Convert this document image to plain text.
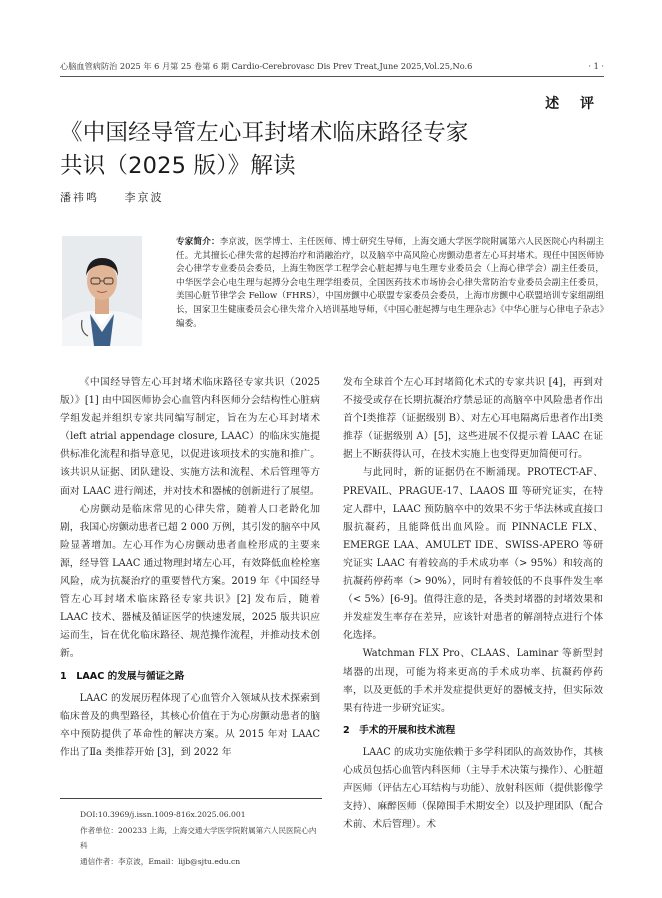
心脑血管病防治 2025 年 6 月第 25 卷第 6 期 Cardio-Cerebrovasc Dis Prev Treat,June 2025,Vol.25,No.6	· 1 ·
述 评
《中国经导管左心耳封堵术临床路径专家
共识（2025 版）》解读
潘祎鸣 李京波
专家简介：李京波，医学博士、主任医师、博士研究生导师，上海交通大学医学院附属第六人民医院心内科副主任。尤其擅长心律失常的起搏治疗和消融治疗，以及脑卒中高风险心房颤动患者左心耳封堵术。现任中国医师协会心律学专业委员会委员，上海生物医学工程学会心脏起搏与电生理专业委员会（上海心律学会）副主任委员，中华医学会心电生理与起搏分会电生理学组委员，全国医药技术市场协会心律失常防治专业委员会副主任委员，美国心脏节律学会 Fellow（FHRS），中国房颤中心联盟专家委员会委员，上海市房颤中心联盟培训专家组副组长，国家卫生健康委员会心律失常介入培训基地导师，《中国心脏起搏与电生理杂志》《中华心脏与心律电子杂志》编委。

《中国经导管左心耳封堵术临床路径专家共识（2025 版）》[1] 由中国医师协会心血管内科医师分会结构性心脏病学组发起并组织专家共同编写制定，旨在为左心耳封堵术（left atrial appendage closure, LAAC）的临床实施提供标准化流程和指导意见，以促进该项技术的实施和推广。该共识从证据、团队建设、实施方法和流程、术后管理等方面对 LAAC 进行阐述，并对技术和器械的创新进行了展望。

心房颤动是临床常见的心律失常，随着人口老龄化加剧，我国心房颤动患者已超 2 000 万例，其引发的脑卒中风险显著增加。左心耳作为心房颤动患者血栓形成的主要来源，经导管 LAAC 通过物理封堵左心耳，有效降低血栓栓塞风险，成为抗凝治疗的重要替代方案。2019 年《中国经导管左心耳封堵术临床路径专家共识》[2] 发布后，随着 LAAC 技术、器械及循证医学的快速发展，2025 版共识应运而生，旨在优化临床路径、规范操作流程，并推动技术创新。

1　LAAC 的发展与循证之路

LAAC 的发展历程体现了心血管介入领域从技术探索到临床普及的典型路径，其核心价值在于为心房颤动患者的脑卒中预防提供了革命性的解决方案。从 2015 年对 LAAC 作出了Ⅱa 类推荐开始 [3]，到 2022 年

发布全球首个左心耳封堵简化术式的专家共识 [4]，再到对不接受或存在长期抗凝治疗禁忌证的高脑卒中风险患者作出首个Ⅰ类推荐（证据级别 B）、对左心耳电隔离后患者作出Ⅰ类推荐（证据级别 A）[5]，这些进展不仅提示着 LAAC 在证据上不断获得认可，在技术实施上也变得更加简便可行。

与此同时，新的证据仍在不断涌现。PROTECT-AF、PREVAIL、PRAGUE-17、LAAOS Ⅲ 等研究证实，在特定人群中，LAAC 预防脑卒中的效果不劣于华法林或直接口服抗凝药，且能降低出血风险。而 PINNACLE FLX、EMERGE LAA、AMULET IDE、SWISS-APERO 等研究证实 LAAC 有着较高的手术成功率（> 95%）和较高的抗凝药停药率（> 90%），同时有着较低的不良事件发生率（< 5%）[6-9]。值得注意的是，各类封堵器的封堵效果和并发症发生率存在差异，应该针对患者的解剖特点进行个体化选择。

Watchman FLX Pro、CLAAS、Laminar 等新型封堵器的出现，可能为将来更高的手术成功率、抗凝药停药率，以及更低的手术并发症提供更好的器械支持，但实际效果有待进一步研究证实。

2　手术的开展和技术流程

LAAC 的成功实施依赖于多学科团队的高效协作，其核心成员包括心血管内科医师（主导手术决策与操作）、心脏超声医师（评估左心耳结构与功能）、放射科医师（提供影像学支持）、麻醉医师（保障围手术期安全）以及护理团队（配合术前、术后管理）。术

DOI:10.3969/j.issn.1009-816x.2025.06.001
作者单位：200233 上海，上海交通大学医学院附属第六人民医院心内科
通信作者：李京波，Email：lijb@sjtu.edu.cn
